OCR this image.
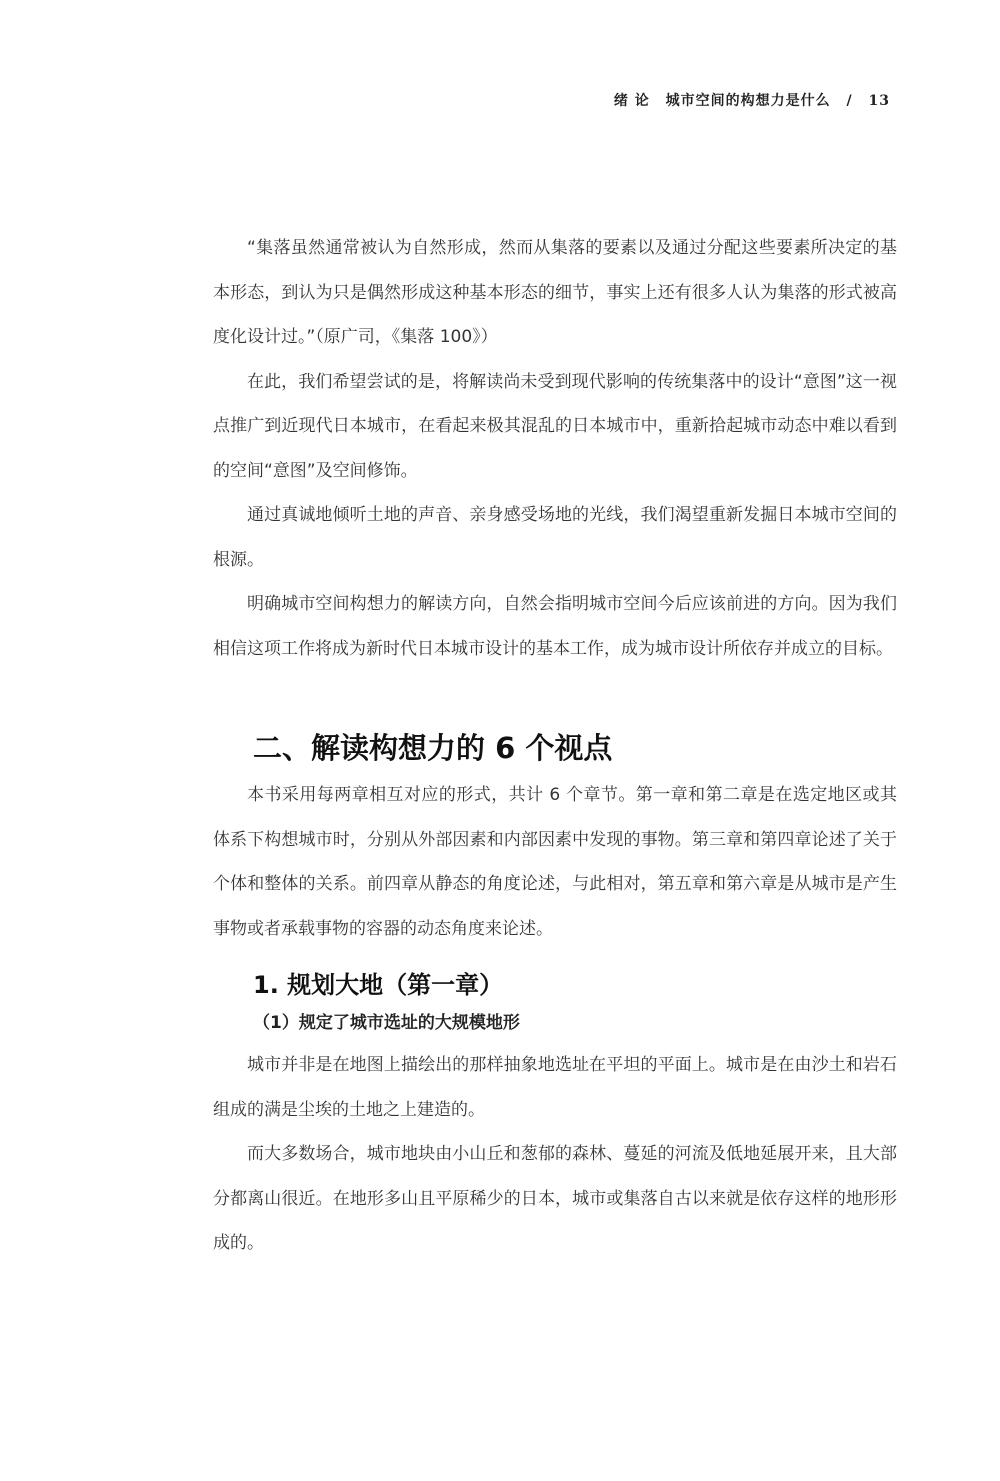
绪 论 城市空间的构想力是什么 / 13

“集落虽然通常被认为自然形成，然而从集落的要素以及通过分配这些要素所决定的基本形态，到认为只是偶然形成这种基本形态的细节，事实上还有很多人认为集落的形式被高度化设计过。”（原广司，《集落 100》）

在此，我们希望尝试的是，将解读尚未受到现代影响的传统集落中的设计“意图”这一视点推广到近现代日本城市，在看起来极其混乱的日本城市中，重新拾起城市动态中难以看到的空间“意图”及空间修饰。

通过真诚地倾听土地的声音、亲身感受场地的光线，我们渴望重新发掘日本城市空间的根源。

明确城市空间构想力的解读方向，自然会指明城市空间今后应该前进的方向。因为我们相信这项工作将成为新时代日本城市设计的基本工作，成为城市设计所依存并成立的目标。

二、解读构想力的 6 个视点

本书采用每两章相互对应的形式，共计 6 个章节。第一章和第二章是在选定地区或其体系下构想城市时，分别从外部因素和内部因素中发现的事物。第三章和第四章论述了关于个体和整体的关系。前四章从静态的角度论述，与此相对，第五章和第六章是从城市是产生事物或者承载事物的容器的动态角度来论述。

1. 规划大地（第一章）
（1）规定了城市选址的大规模地形

城市并非是在地图上描绘出的那样抽象地选址在平坦的平面上。城市是在由沙土和岩石组成的满是尘埃的土地之上建造的。

而大多数场合，城市地块由小山丘和葱郁的森林、蔓延的河流及低地延展开来，且大部分都离山很近。在地形多山且平原稀少的日本，城市或集落自古以来就是依存这样的地形形成的。
